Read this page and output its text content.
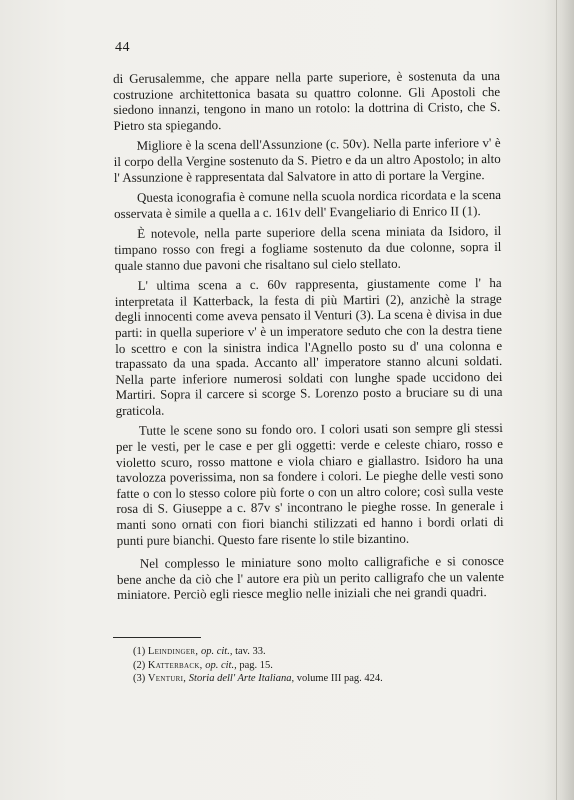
44

di Gerusalemme, che appare nella parte superiore, è sostenuta da una costruzione architettonica basata su quattro colonne. Gli Apostoli che siedono innanzi, tengono in mano un rotolo: la dottrina di Cristo, che S. Pietro sta spiegando.

Migliore è la scena dell'Assunzione (c. 50v). Nella parte inferiore v' è il corpo della Vergine sostenuto da S. Pietro e da un altro Apostolo; in alto l' Assunzione è rappresentata dal Salvatore in atto di portare la Vergine.

Questa iconografia è comune nella scuola nordica ricordata e la scena osservata è simile a quella a c. 161v dell' Evangeliario di Enrico II (1).

È notevole, nella parte superiore della scena miniata da Isidoro, il timpano rosso con fregi a fogliame sostenuto da due colonne, sopra il quale stanno due pavoni che risaltano sul cielo stellato.

L' ultima scena a c. 60v rappresenta, giustamente come l' ha interpretata il Katterback, la festa di più Martiri (2), anzichè la strage degli innocenti come aveva pensato il Venturi (3). La scena è divisa in due parti: in quella superiore v' è un imperatore seduto che con la destra tiene lo scettro e con la sinistra indica l'Agnello posto su d' una colonna e trapassato da una spada. Accanto all' imperatore stanno alcuni soldati. Nella parte inferiore numerosi soldati con lunghe spade uccidono dei Martiri. Sopra il carcere si scorge S. Lorenzo posto a bruciare su di una graticola.

Tutte le scene sono su fondo oro. I colori usati son sempre gli stessi per le vesti, per le case e per gli oggetti: verde e celeste chiaro, rosso e violetto scuro, rosso mattone e viola chiaro e giallastro. Isidoro ha una tavolozza poverissima, non sa fondere i colori. Le pieghe delle vesti sono fatte o con lo stesso colore più forte o con un altro colore; così sulla veste rosa di S. Giuseppe a c. 87v s' incontrano le pieghe rosse. In generale i manti sono ornati con fiori bianchi stilizzati ed hanno i bordi orlati di punti pure bianchi. Questo fare risente lo stile bizantino.

Nel complesso le miniature sono molto calligrafiche e si conosce bene anche da ciò che l' autore era più un perito calligrafo che un valente miniatore. Perciò egli riesce meglio nelle iniziali che nei grandi quadri.

(1) Leindinger, op. cit., tav. 33.

(2) Katterback, op. cit., pag. 15.

(3) Venturi, Storia dell' Arte Italiana, volume III pag. 424.
